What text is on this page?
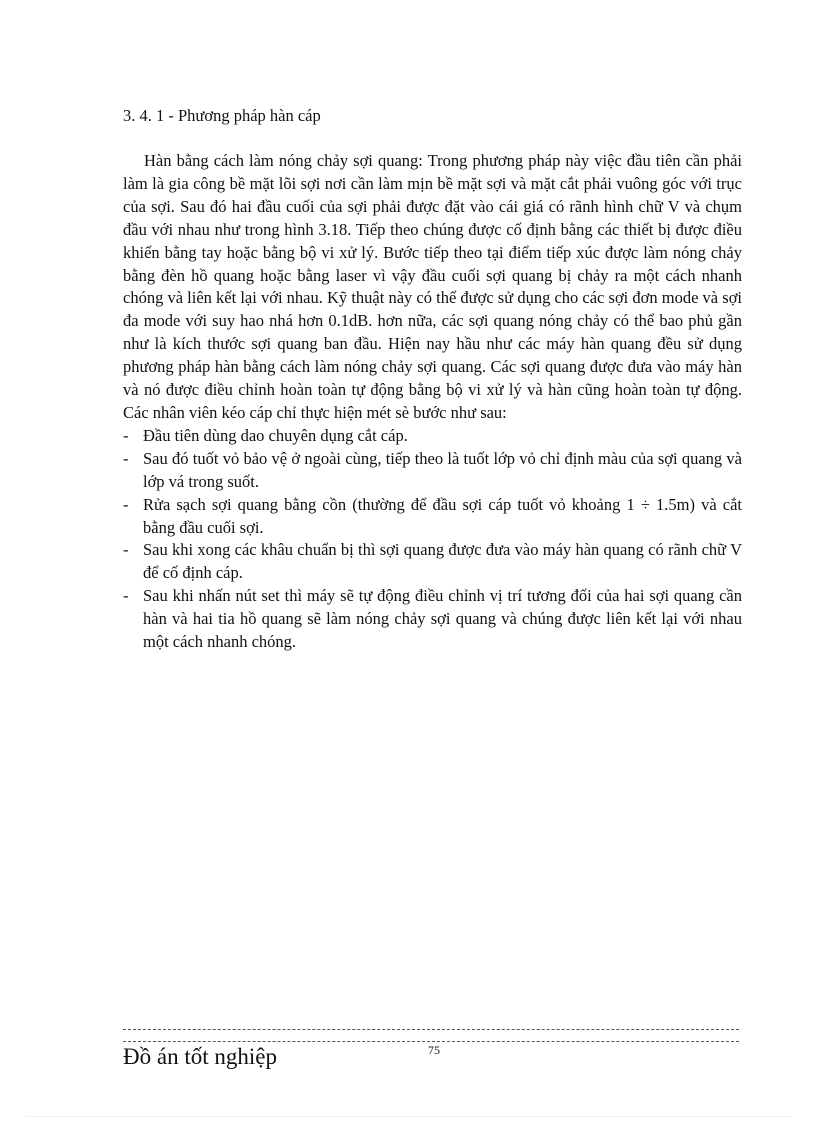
3. 4. 1 - Phương pháp hàn cáp

Hàn bằng cách làm nóng chảy sợi quang: Trong phương pháp này việc đầu tiên cần phải làm là gia công bề mặt lõi sợi nơi cần làm mịn bề mặt sợi và mặt cắt phải vuông góc với trục của sợi. Sau đó hai đầu cuối của sợi phải được đặt vào cái giá có rãnh hình chữ V và chụm đầu với nhau như trong hình 3.18. Tiếp theo chúng được cố định bằng các thiết bị được điều khiển bằng tay hoặc bằng bộ vi xử lý. Bước tiếp theo tại điểm tiếp xúc được làm nóng chảy bằng đèn hồ quang hoặc bằng laser vì vậy đầu cuối sợi quang bị chảy ra một cách nhanh chóng và liên kết lại với nhau. Kỹ thuật này có thể được sử dụng cho các sợi đơn mode và sợi đa mode với suy hao nhá hơn 0.1dB. hơn nữa, các sợi quang nóng chảy có thể bao phủ gần như là kích thước sợi quang ban đầu. Hiện nay hầu như các máy hàn quang đều sử dụng phương pháp hàn bằng cách làm nóng chảy sợi quang. Các sợi quang được đưa vào máy hàn và nó được điều chỉnh hoàn toàn tự động bằng bộ vi xử lý và hàn cũng hoàn toàn tự động. Các nhân viên kéo cáp chỉ thực hiện mét sè bước như sau:

- Đầu tiên dùng dao chuyên dụng cắt cáp.
- Sau đó tuốt vỏ bảo vệ ở ngoài cùng, tiếp theo là tuốt lớp vỏ chỉ định màu của sợi quang và lớp vá trong suốt.
- Rửa sạch sợi quang bằng cồn (thường để đầu sợi cáp tuốt vỏ khoảng 1 ÷ 1.5m) và cắt bằng đầu cuối sợi.
- Sau khi xong các khâu chuẩn bị thì sợi quang được đưa vào máy hàn quang có rãnh chữ V để cố định cáp.
- Sau khi nhấn nút set thì máy sẽ tự động điều chỉnh vị trí tương đối của hai sợi quang cần hàn và hai tia hồ quang sẽ làm nóng chảy sợi quang và chúng được liên kết lại với nhau một cách nhanh chóng.
Đồ án tốt nghiệp	75
